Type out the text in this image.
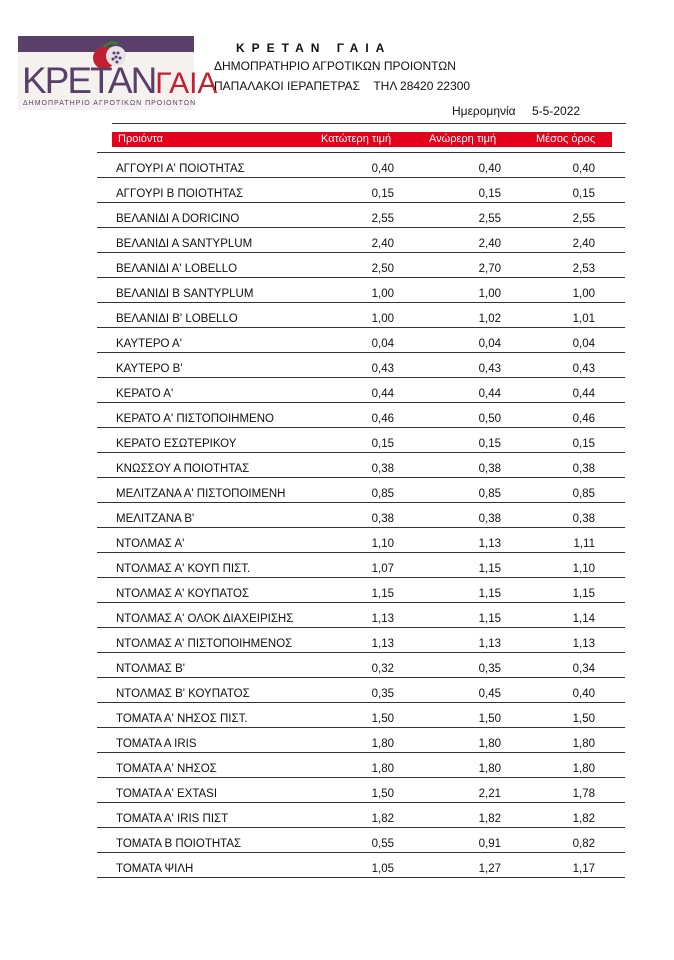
ΚΡΕΤΑΝΓΑΙΑ
ΔΗΜΟΠΡΑΤΗΡΙΟ ΑΓΡΟΤΙΚΩΝ ΠΡΟΙΟΝΤΩΝ
ΚΡΕΤΑΝ ΓΑΙΑ
ΔΗΜΟΠΡΑΤΗΡΙΟ ΑΓΡΟΤΙΚΩΝ ΠΡΟΙΟΝΤΩΝ
ΠΑΠΑΛΑΚΟΙ ΙΕΡΑΠΕΤΡΑΣ ΤΗΛ 28420 22300
Ημερομηνία 5-5-2022
Προιόντα	Κατώτερη τιμή	Ανώρερη τιμή	Μέσος όρος
ΑΓΓΟΥΡΙ Α' ΠΟΙΟΤΗΤΑΣ	0,40	0,40	0,40
ΑΓΓΟΥΡΙ Β ΠΟΙΟΤΗΤΑΣ	0,15	0,15	0,15
ΒΕΛΑΝΙΔΙ Α DORICINO	2,55	2,55	2,55
ΒΕΛΑΝΙΔΙ Α SANTYPLUM	2,40	2,40	2,40
ΒΕΛΑΝΙΔΙ Α' LOBELLO	2,50	2,70	2,53
ΒΕΛΑΝΙΔΙ Β SANTYPLUM	1,00	1,00	1,00
ΒΕΛΑΝΙΔΙ Β' LOBELLO	1,00	1,02	1,01
ΚΑΥΤΕΡΟ Α'	0,04	0,04	0,04
ΚΑΥΤΕΡΟ Β'	0,43	0,43	0,43
ΚΕΡΑΤΟ Α'	0,44	0,44	0,44
ΚΕΡΑΤΟ Α' ΠΙΣΤΟΠΟΙΗΜΕΝΟ	0,46	0,50	0,46
ΚΕΡΑΤΟ ΕΣΩΤΕΡΙΚΟΥ	0,15	0,15	0,15
ΚΝΩΣΣΟΥ Α ΠΟΙΟΤΗΤΑΣ	0,38	0,38	0,38
ΜΕΛΙΤΖΑΝΑ Α' ΠΙΣΤΟΠΟΙΜΕΝΗ	0,85	0,85	0,85
ΜΕΛΙΤΖΑΝΑ Β'	0,38	0,38	0,38
ΝΤΟΛΜΑΣ Α'	1,10	1,13	1,11
ΝΤΟΛΜΑΣ Α' ΚΟΥΠ ΠΙΣΤ.	1,07	1,15	1,10
ΝΤΟΛΜΑΣ Α' ΚΟΥΠΑΤΟΣ	1,15	1,15	1,15
ΝΤΟΛΜΑΣ Α' ΟΛΟΚ ΔΙΑΧΕΙΡΙΣΗΣ	1,13	1,15	1,14
ΝΤΟΛΜΑΣ Α' ΠΙΣΤΟΠΟΙΗΜΕΝΟΣ	1,13	1,13	1,13
ΝΤΟΛΜΑΣ Β'	0,32	0,35	0,34
ΝΤΟΛΜΑΣ Β' ΚΟΥΠΑΤΟΣ	0,35	0,45	0,40
ΤΟΜΑΤΑ Α' ΝΗΣΟΣ ΠΙΣΤ.	1,50	1,50	1,50
ΤΟΜΑΤΑ Α IRIS	1,80	1,80	1,80
ΤΟΜΑΤΑ Α' ΝΗΣΟΣ	1,80	1,80	1,80
ΤΟΜΑΤΑ Α' EXTASI	1,50	2,21	1,78
ΤΟΜΑΤΑ Α' IRIS ΠΙΣΤ	1,82	1,82	1,82
ΤΟΜΑΤΑ Β ΠΟΙΟΤΗΤΑΣ	0,55	0,91	0,82
ΤΟΜΑΤΑ ΨΙΛΗ	1,05	1,27	1,17
